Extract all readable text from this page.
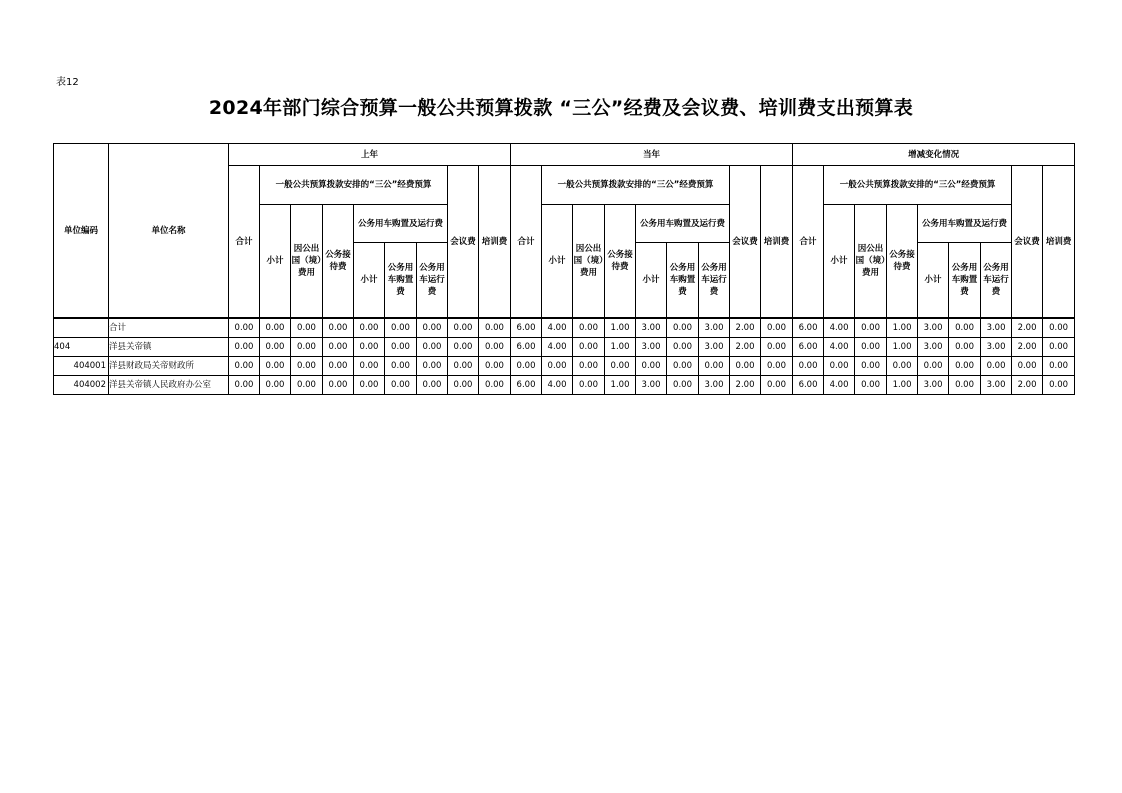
表12
2024年部门综合预算一般公共预算拨款 “三公”经费及会议费、培训费支出预算表
单位编码	单位名称	上年									当年									增减变化情况								
		合计	一般公共预算拨款安排的“三公”经费预算						会议费	培训费	合计	一般公共预算拨款安排的“三公”经费预算						会议费	培训费	合计	一般公共预算拨款安排的“三公”经费预算						会议费	培训费
			小计	因公出国（境）费用	公务接待费	公务用车购置及运行费						小计	因公出国（境）费用	公务接待费	公务用车购置及运行费						小计	因公出国（境）费用	公务接待费	公务用车购置及运行费				
						小计	公务用车购置费	公务用车运行费							小计	公务用车购置费	公务用车运行费							小计	公务用车购置费	公务用车运行费		
	合计	0.00	0.00	0.00	0.00	0.00	0.00	0.00	0.00	0.00	6.00	4.00	0.00	1.00	3.00	0.00	3.00	2.00	0.00	6.00	4.00	0.00	1.00	3.00	0.00	3.00	2.00	0.00
404	洋县关帝镇	0.00	0.00	0.00	0.00	0.00	0.00	0.00	0.00	0.00	6.00	4.00	0.00	1.00	3.00	0.00	3.00	2.00	0.00	6.00	4.00	0.00	1.00	3.00	0.00	3.00	2.00	0.00
404001	洋县财政局关帝财政所	0.00	0.00	0.00	0.00	0.00	0.00	0.00	0.00	0.00	0.00	0.00	0.00	0.00	0.00	0.00	0.00	0.00	0.00	0.00	0.00	0.00	0.00	0.00	0.00	0.00	0.00	0.00
404002	洋县关帝镇人民政府办公室	0.00	0.00	0.00	0.00	0.00	0.00	0.00	0.00	0.00	6.00	4.00	0.00	1.00	3.00	0.00	3.00	2.00	0.00	6.00	4.00	0.00	1.00	3.00	0.00	3.00	2.00	0.00
